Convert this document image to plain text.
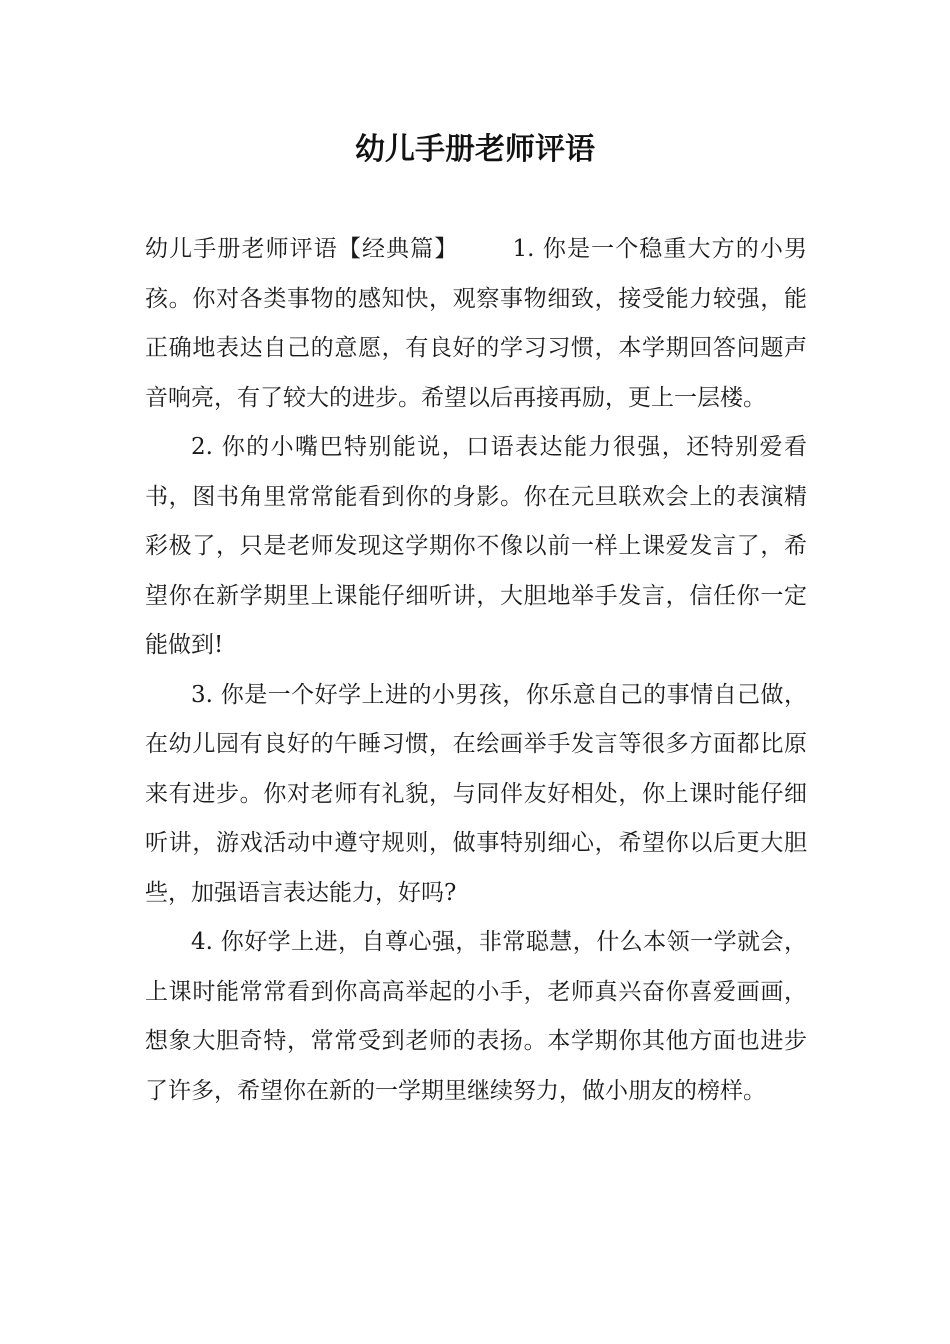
幼儿手册老师评语

幼儿手册老师评语【经典篇】 1. 你是一个稳重大方的小男孩。你对各类事物的感知快，观察事物细致，接受能力较强，能正确地表达自己的意愿，有良好的学习习惯，本学期回答问题声音响亮，有了较大的进步。希望以后再接再励，更上一层楼。

2. 你的小嘴巴特别能说，口语表达能力很强，还特别爱看书，图书角里常常能看到你的身影。你在元旦联欢会上的表演精彩极了，只是老师发现这学期你不像以前一样上课爱发言了，希望你在新学期里上课能仔细听讲，大胆地举手发言，信任你一定能做到!

3. 你是一个好学上进的小男孩，你乐意自己的事情自己做，在幼儿园有良好的午睡习惯，在绘画举手发言等很多方面都比原来有进步。你对老师有礼貌，与同伴友好相处，你上课时能仔细听讲，游戏活动中遵守规则，做事特别细心，希望你以后更大胆些，加强语言表达能力，好吗?

4. 你好学上进，自尊心强，非常聪慧，什么本领一学就会，上课时能常常看到你高高举起的小手，老师真兴奋你喜爱画画，想象大胆奇特，常常受到老师的表扬。本学期你其他方面也进步了许多，希望你在新的一学期里继续努力，做小朋友的榜样。
